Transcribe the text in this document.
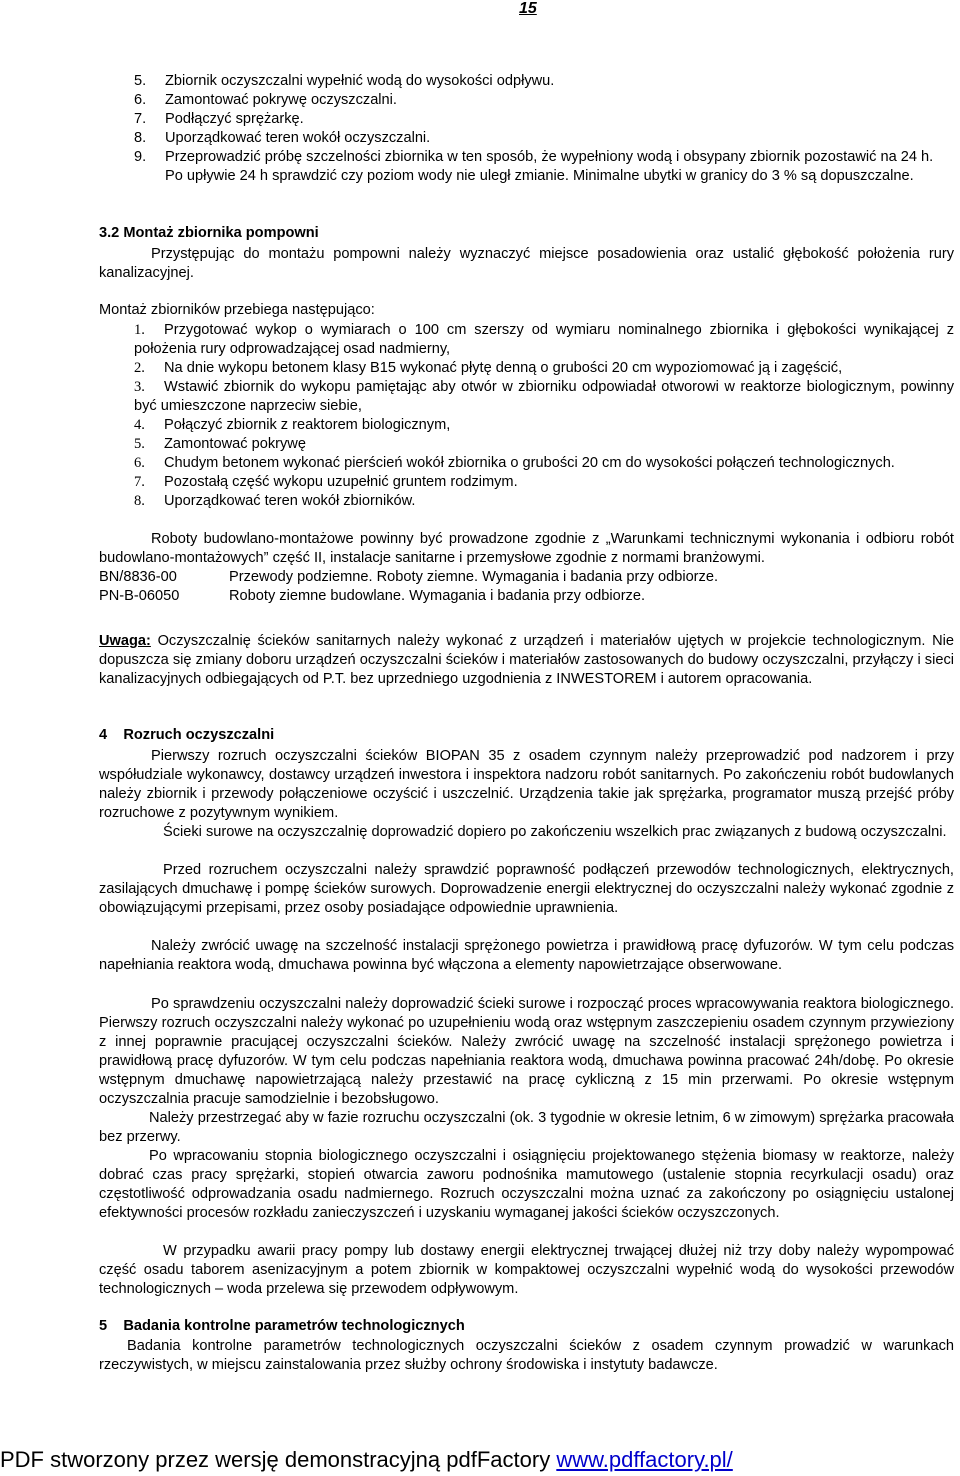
15
5. Zbiornik oczyszczalni wypełnić wodą do wysokości odpływu.
6. Zamontować pokrywę oczyszczalni.
7. Podłączyć sprężarkę.
8. Uporządkować teren wokół oczyszczalni.
9. Przeprowadzić próbę szczelności zbiornika w ten sposób, że wypełniony wodą i obsypany zbiornik pozostawić na 24 h. Po upływie 24 h sprawdzić czy poziom wody nie uległ zmianie. Minimalne ubytki w granicy do 3 % są dopuszczalne.
3.2 Montaż zbiornika pompowni
Przystępując do montażu pompowni należy wyznaczyć miejsce posadowienia oraz ustalić głębokość położenia rury kanalizacyjnej.
Montaż zbiorników przebiega następująco:
1. Przygotować wykop o wymiarach o 100 cm szerszy od wymiaru nominalnego zbiornika i głębokości wynikającej z położenia rury odprowadzającej osad nadmierny,
2. Na dnie wykopu betonem klasy B15 wykonać płytę denną o grubości 20 cm wypoziomować ją i zagęścić,
3. Wstawić zbiornik do wykopu pamiętając aby otwór w zbiorniku odpowiadał otworowi w reaktorze biologicznym, powinny być umieszczone naprzeciw siebie,
4. Połączyć zbiornik z reaktorem biologicznym,
5. Zamontować pokrywę
6. Chudym betonem wykonać pierścień wokół zbiornika o grubości 20 cm do wysokości połączeń technologicznych.
7. Pozostałą część wykopu uzupełnić gruntem rodzimym.
8. Uporządkować teren wokół zbiorników.
Roboty budowlano-montażowe powinny być prowadzone zgodnie z „Warunkami technicznymi wykonania i odbioru robót budowlano-montażowych” część II, instalacje sanitarne i przemysłowe zgodnie z normami branżowymi.
BN/8836-00	Przewody podziemne. Roboty ziemne. Wymagania i badania przy odbiorze.
PN-B-06050	Roboty ziemne budowlane. Wymagania i badania przy odbiorze.
Uwaga: Oczyszczalnię ścieków sanitarnych należy wykonać z urządzeń i materiałów ujętych w projekcie technologicznym. Nie dopuszcza się zmiany doboru urządzeń oczyszczalni ścieków i materiałów zastosowanych do budowy oczyszczalni, przyłączy i sieci kanalizacyjnych odbiegających od P.T. bez uprzedniego uzgodnienia z INWESTOREM i autorem opracowania.
4    Rozruch oczyszczalni
Pierwszy rozruch oczyszczalni ścieków BIOPAN 35 z osadem czynnym należy przeprowadzić pod nadzorem i przy współudziale wykonawcy, dostawcy urządzeń inwestora i inspektora nadzoru robót sanitarnych. Po zakończeniu robót budowlanych należy zbiornik i przewody połączeniowe oczyścić i uszczelnić. Urządzenia takie jak sprężarka, programator muszą przejść próby rozruchowe z pozytywnym wynikiem.
Ścieki surowe na oczyszczalnię doprowadzić dopiero po zakończeniu wszelkich prac związanych z budową oczyszczalni.
Przed rozruchem oczyszczalni należy sprawdzić poprawność podłączeń przewodów technologicznych, elektrycznych, zasilających dmuchawę i pompę ścieków surowych. Doprowadzenie energii elektrycznej do oczyszczalni należy wykonać zgodnie z obowiązującymi przepisami, przez osoby posiadające odpowiednie uprawnienia.
Należy zwrócić uwagę na szczelność instalacji sprężonego powietrza i prawidłową pracę dyfuzorów. W tym celu podczas napełniania reaktora wodą, dmuchawa powinna być włączona a elementy napowietrzające obserwowane.
Po sprawdzeniu oczyszczalni należy doprowadzić ścieki surowe i rozpocząć proces wpracowywania reaktora biologicznego. Pierwszy rozruch oczyszczalni należy wykonać po uzupełnieniu wodą oraz wstępnym zaszczepieniu osadem czynnym przywieziony z innej poprawnie pracującej oczyszczalni ścieków. Należy zwrócić uwagę na szczelność instalacji sprężonego powietrza i prawidłową pracę dyfuzorów. W tym celu podczas napełniania reaktora wodą, dmuchawa powinna pracować 24h/dobę. Po okresie wstępnym dmuchawę napowietrzającą należy przestawić na pracę cykliczną z 15 min przerwami. Po okresie wstępnym oczyszczalnia pracuje samodzielnie i bezobsługowo.
Należy przestrzegać aby w fazie rozruchu oczyszczalni (ok. 3 tygodnie w okresie letnim, 6 w zimowym) sprężarka pracowała bez przerwy.
Po wpracowaniu stopnia biologicznego oczyszczalni i osiągnięciu projektowanego stężenia biomasy w reaktorze, należy dobrać czas pracy sprężarki, stopień otwarcia zaworu podnośnika mamutowego (ustalenie stopnia recyrkulacji osadu) oraz częstotliwość odprowadzania osadu nadmiernego. Rozruch oczyszczalni można uznać za zakończony po osiągnięciu ustalonej efektywności procesów rozkładu zanieczyszczeń i uzyskaniu wymaganej jakości ścieków oczyszczonych.
W przypadku awarii pracy pompy lub dostawy energii elektrycznej trwającej dłużej niż trzy doby należy wypompować część osadu taborem asenizacyjnym a potem zbiornik w kompaktowej oczyszczalni wypełnić wodą do wysokości przewodów technologicznych – woda przelewa się przewodem odpływowym.
5    Badania kontrolne parametrów technologicznych
Badania kontrolne parametrów technologicznych oczyszczalni ścieków z osadem czynnym prowadzić w warunkach rzeczywistych, w miejscu zainstalowania przez służby ochrony środowiska i instytuty badawcze.
PDF stworzony przez wersję demonstracyjną pdfFactory www.pdffactory.pl/
